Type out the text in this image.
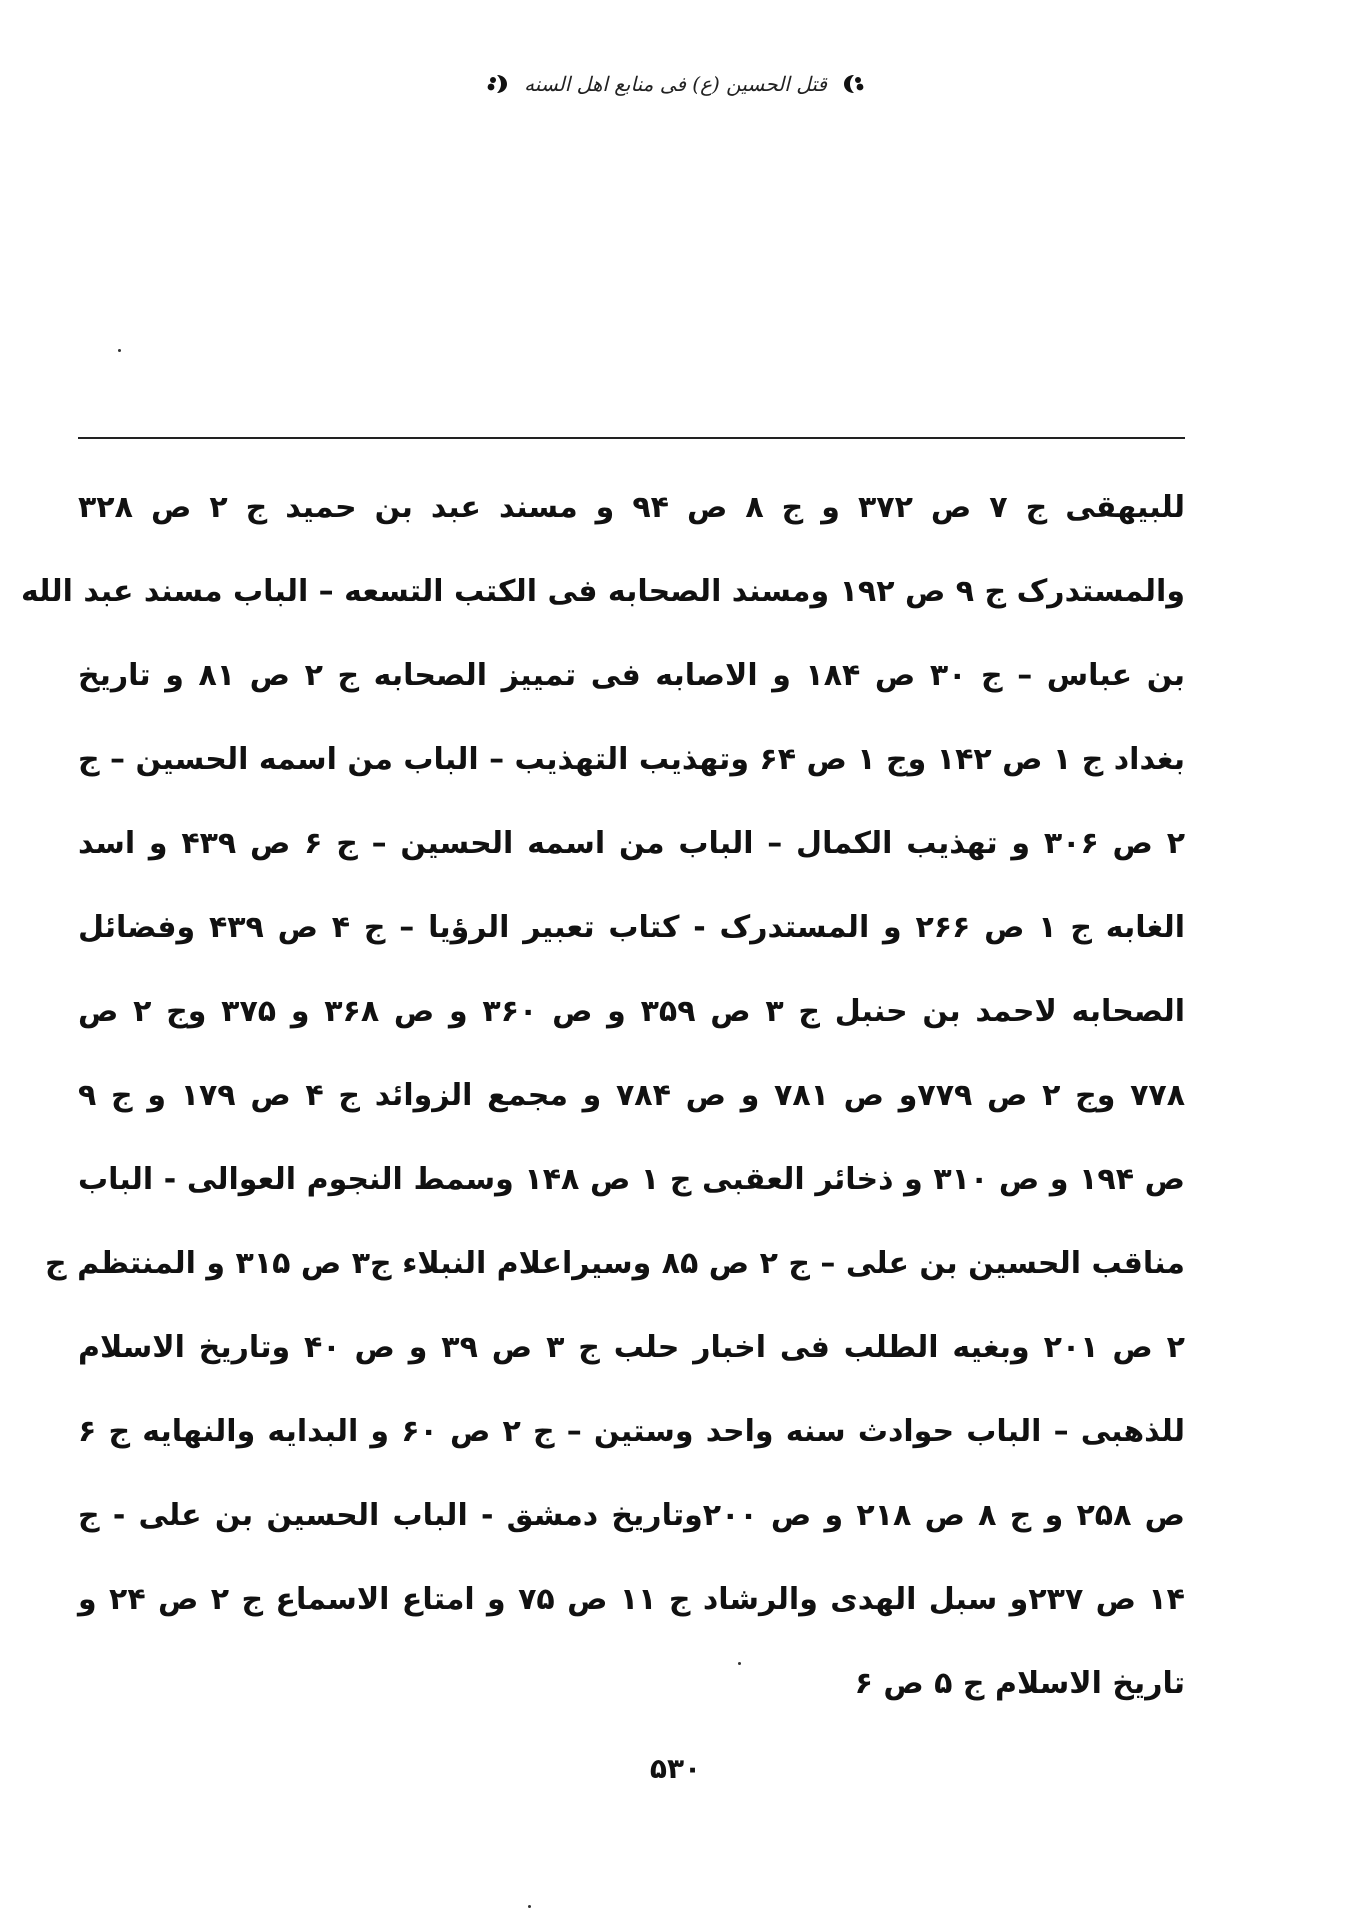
قتل الحسين (ع) فى منابع اهل السنه
للبيهقى ج ٧ ص ٣٧٢ و ج ٨ ص ٩۴ و مسند عبد بن حميد ج ٢ ص ٣٢٨
والمستدرک ج ٩ ص ١٩٢ ومسند الصحابه فى الكتب التسعه – الباب مسند عبد الله
بن عباس – ج ٣٠ ص ١٨۴ و الاصابه فى تمييز الصحابه ج ٢ ص ٨١ و تاريخ
بغداد ج ١ ص ١۴٢ وج ١ ص ۶۴ وتهذيب التهذيب – الباب من اسمه الحسين – ج
٢ ص ٣٠۶ و تهذيب الكمال – الباب من اسمه الحسين – ج ۶ ص ۴٣٩ و اسد
الغابه ج ١ ص ٢۶۶ و المستدرک - كتاب تعبير الرؤيا – ج ۴ ص ۴٣٩ وفضائل
الصحابه لاحمد بن حنبل ج ٣ ص ٣۵٩ و ص ٣۶٠ و ص ٣۶٨ و ٣٧۵ وج ٢ ص
٧٧٨ وج ٢ ص ٧٧٩و ص ٧٨١ و ص ٧٨۴ و مجمع الزوائد ج ۴ ص ١٧٩ و ج ٩
ص ١٩۴ و ص ٣١٠ و ذخائر العقبى ج ١ ص ١۴٨ وسمط النجوم العوالى - الباب
مناقب الحسين بن على – ج ٢ ص ٨۵ وسيراعلام النبلاء ج٣ ص ٣١۵ و المنتظم ج
٢ ص ٢٠١ وبغيه الطلب فى اخبار حلب ج ٣ ص ٣٩ و ص ۴٠ وتاريخ الاسلام
للذهبى – الباب حوادث سنه واحد وستين – ج ٢ ص ۶٠ و البدايه والنهايه ج ۶
ص ٢۵٨ و ج ٨ ص ٢١٨ و ص ٢٠٠وتاريخ دمشق - الباب الحسين بن على - ج
١۴ ص ٢٣٧و سبل الهدى والرشاد ج ١١ ص ٧۵ و امتاع الاسماع ج ٢ ص ٢۴ و
تاريخ الاسلام ج ۵ ص ۶
۵٣٠
